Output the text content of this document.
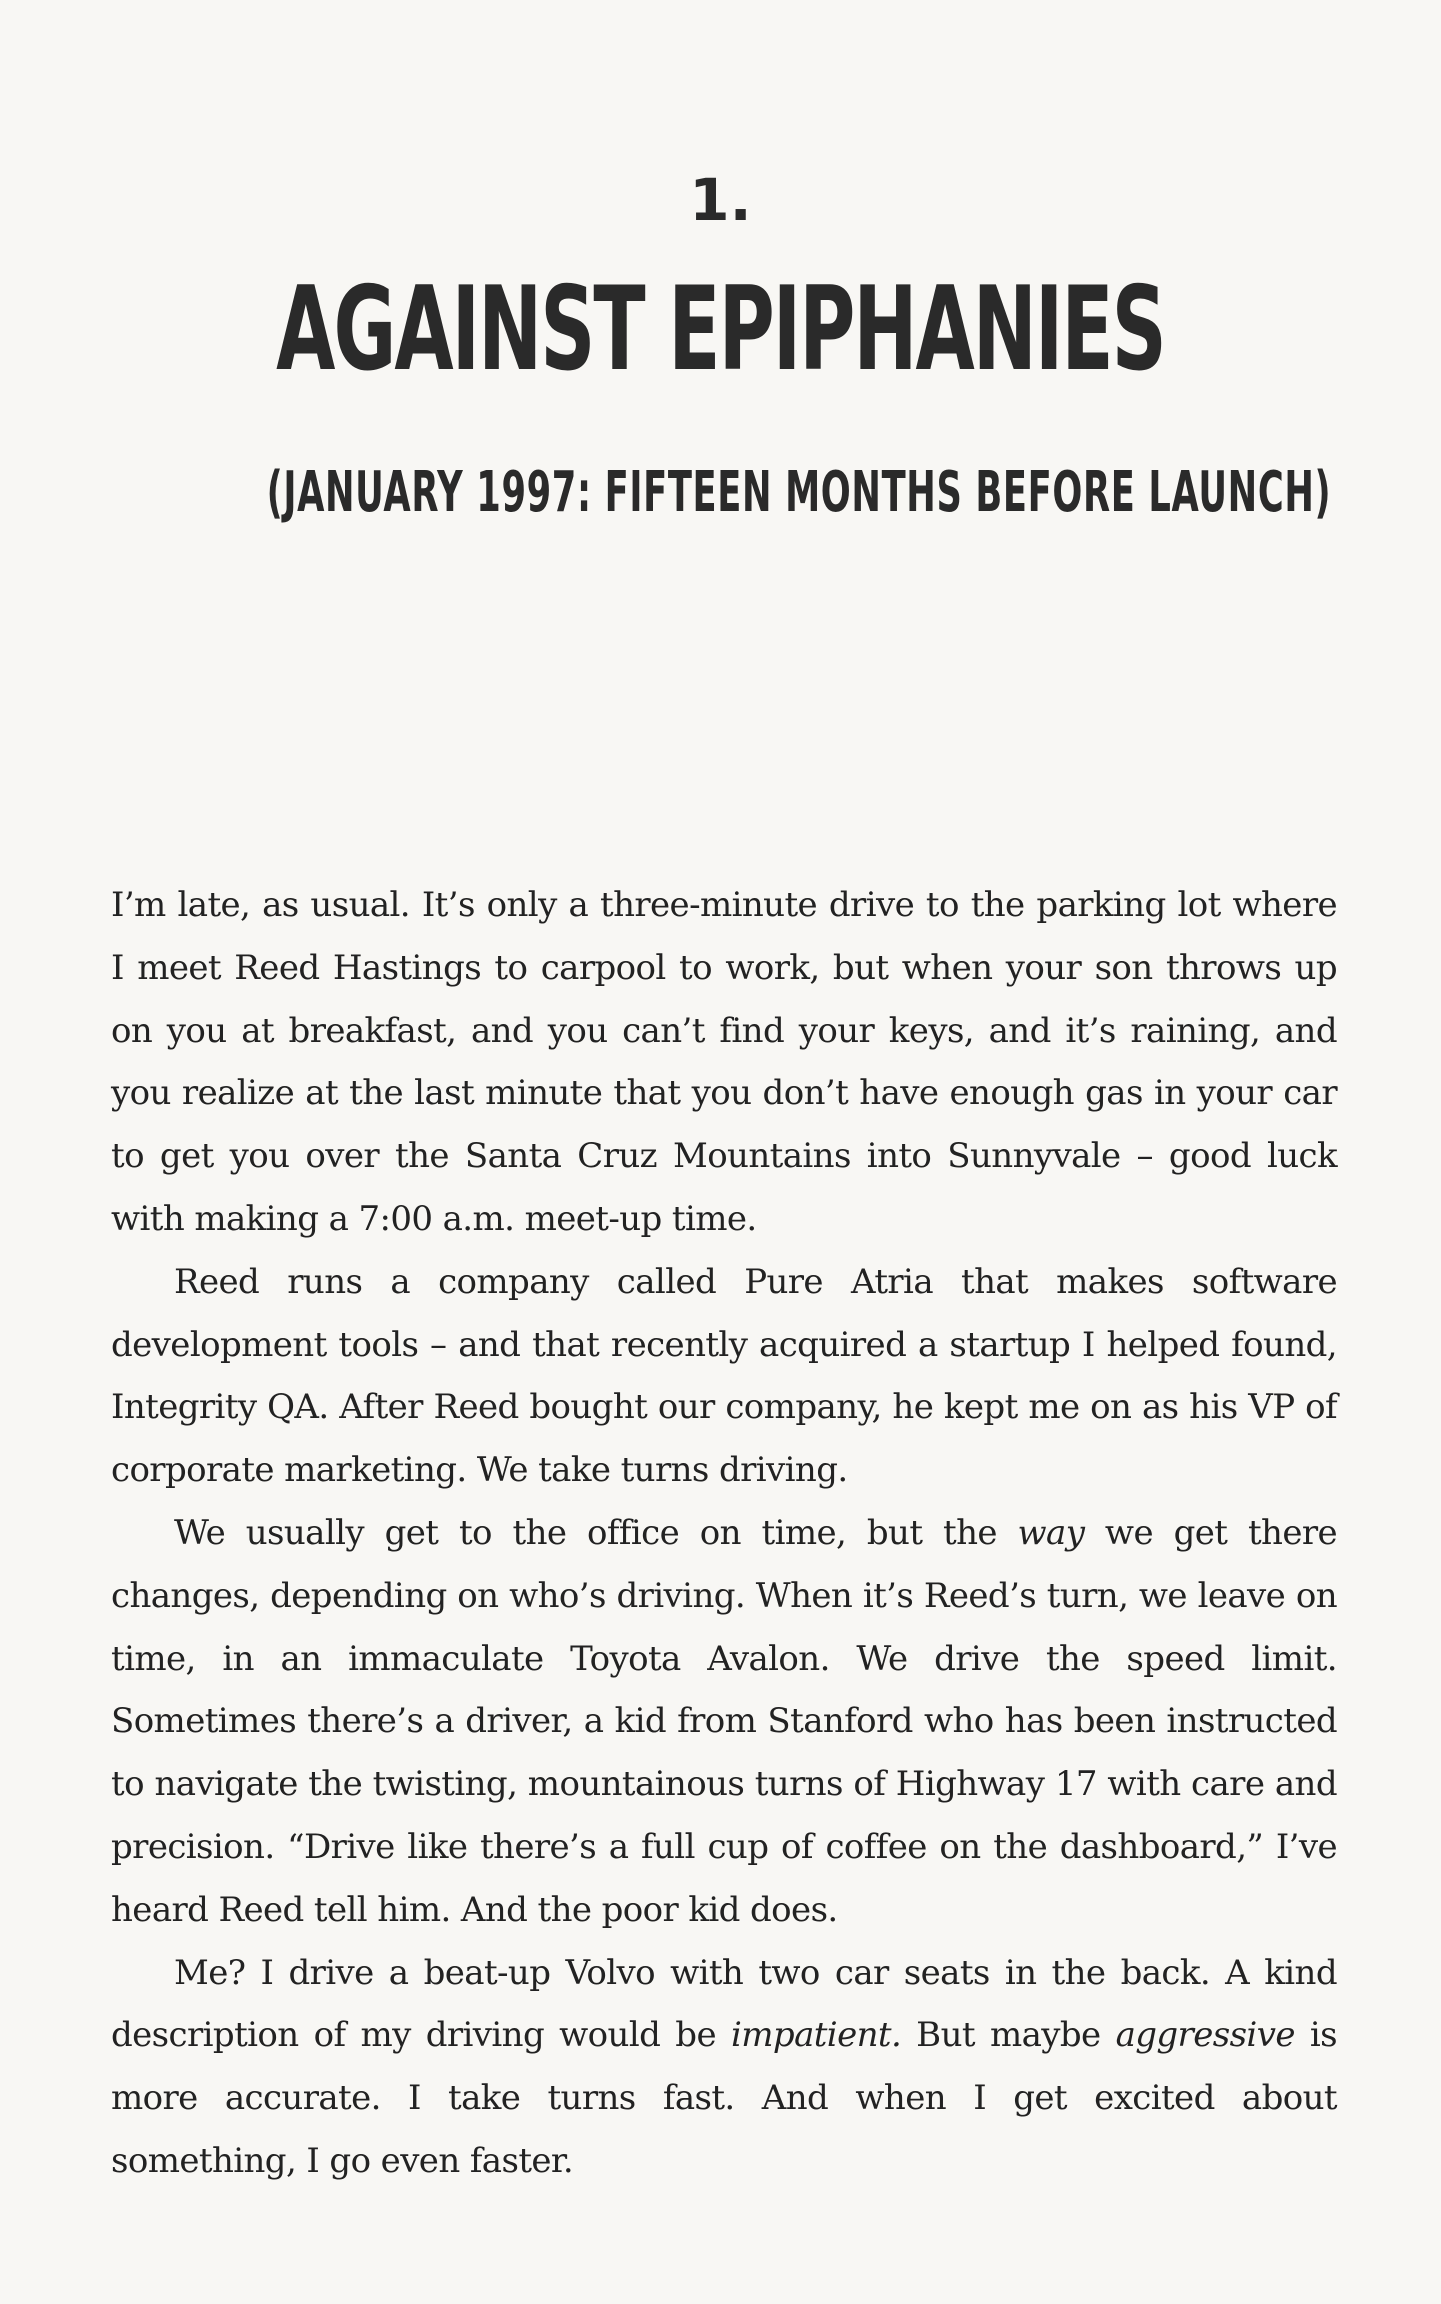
1.
AGAINST EPIPHANIES
(JANUARY 1997: FIFTEEN MONTHS BEFORE LAUNCH)

I’m late, as usual. It’s only a three-minute drive to the parking lot where I meet Reed Hastings to carpool to work, but when your son throws up on you at breakfast, and you can’t find your keys, and it’s raining, and you realize at the last minute that you don’t have enough gas in your car to get you over the Santa Cruz Mountains into Sunnyvale – good luck with making a 7:00 a.m. meet-up time.

Reed runs a company called Pure Atria that makes software development tools – and that recently acquired a startup I helped found, Integrity QA. After Reed bought our company, he kept me on as his VP of corporate marketing. We take turns driving.

We usually get to the office on time, but the way we get there changes, depending on who’s driving. When it’s Reed’s turn, we leave on time, in an immaculate Toyota Avalon. We drive the speed limit. Sometimes there’s a driver, a kid from Stanford who has been instructed to navigate the twisting, mountainous turns of Highway 17 with care and precision. “Drive like there’s a full cup of coffee on the dashboard,” I’ve heard Reed tell him. And the poor kid does.

Me? I drive a beat-up Volvo with two car seats in the back. A kind description of my driving would be impatient. But maybe aggressive is more accurate. I take turns fast. And when I get excited about something, I go even faster.
